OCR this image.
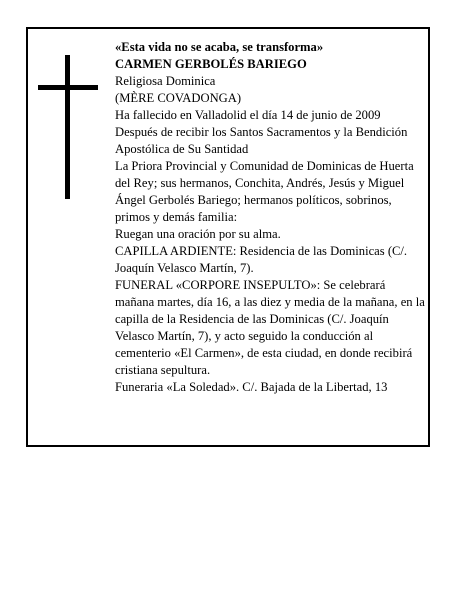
«Esta vida no se acaba, se transforma»

CARMEN GERBOLÉS BARIEGO

Religiosa Dominica

(MÈRE COVADONGA)

Ha fallecido en Valladolid el día 14 de junio de 2009

Después de recibir los Santos Sacramentos y la Bendición Apostólica de Su Santidad

La Priora Provincial y Comunidad de Dominicas de Huerta del Rey; sus hermanos, Conchita, Andrés, Jesús y Miguel Ángel Gerbolés Bariego; hermanos políticos, sobrinos, primos y demás familia:

Ruegan una oración por su alma.

CAPILLA ARDIENTE: Residencia de las Dominicas (C/. Joaquín Velasco Martín, 7).

FUNERAL «CORPORE INSEPULTO»: Se celebrará mañana martes, día 16, a las diez y media de la mañana, en la capilla de la Residencia de las Dominicas (C/. Joaquín Velasco Martín, 7), y acto seguido la conducción al cementerio «El Carmen», de esta ciudad, en donde recibirá cristiana sepultura.

Funeraria «La Soledad». C/. Bajada de la Libertad, 13
